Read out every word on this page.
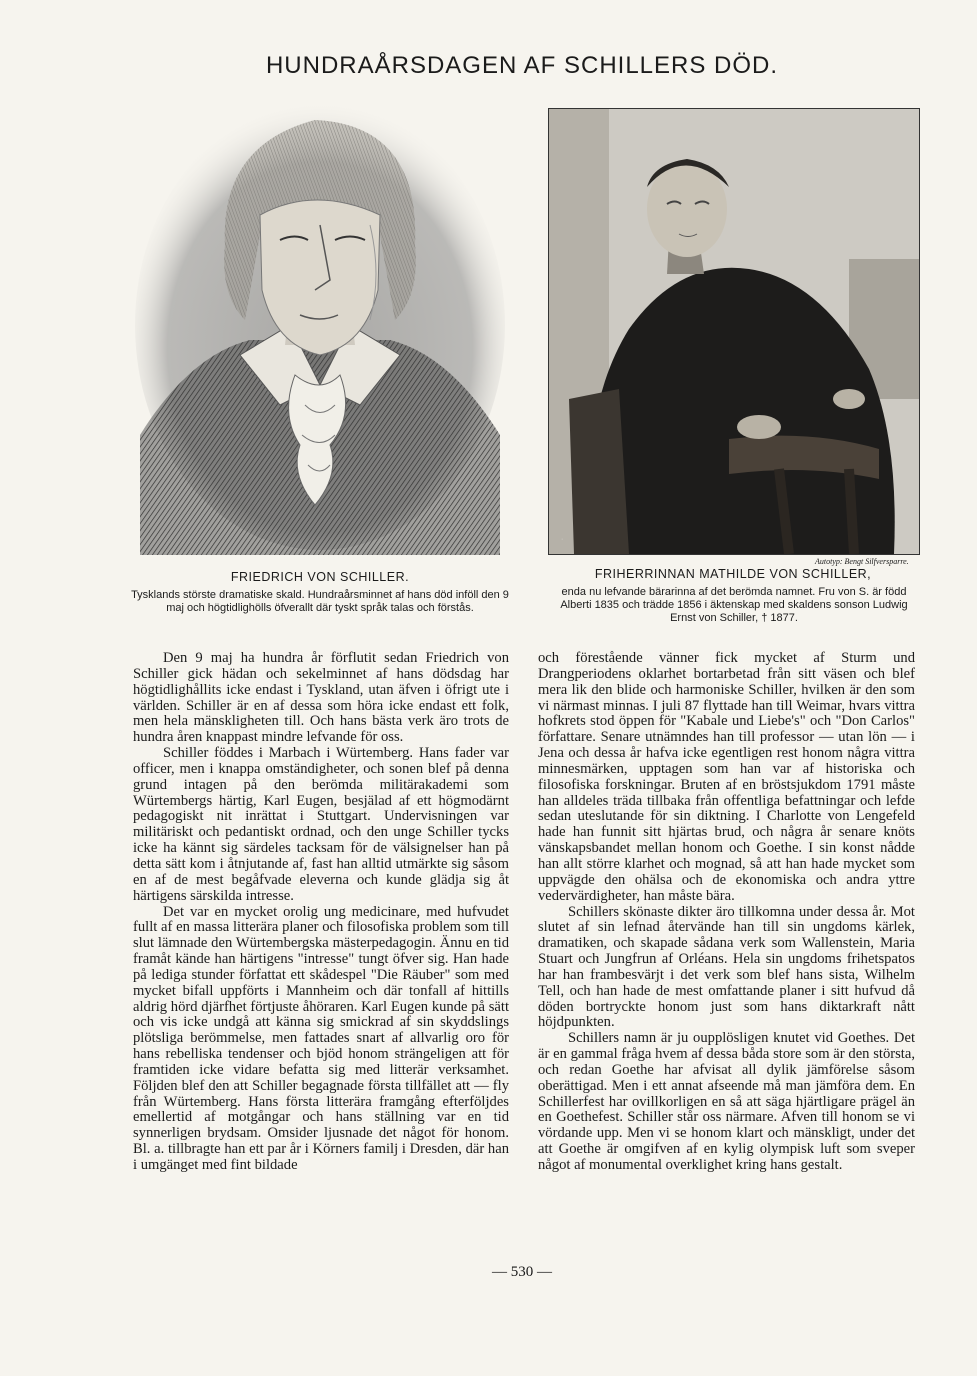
HUNDRAÅRSDAGEN AF SCHILLERS DÖD.
·
Autotyp: Bengt Silfversparre.
FRIEDRICH VON SCHILLER.
Tysklands störste dramatiske skald. Hundraårsminnet af hans död inföll den 9 maj och högtidlighölls öfverallt där tyskt språk talas och förstås.
FRIHERRINNAN MATHILDE VON SCHILLER,
enda nu lefvande bärarinna af det berömda namnet. Fru von S. är född Alberti 1835 och trädde 1856 i äktenskap med skaldens sonson Ludwig Ernst von Schiller, † 1877.

Den 9 maj ha hundra år förflutit sedan Friedrich von Schiller gick hädan och sekelminnet af hans dödsdag har högtidlighållits icke endast i Tyskland, utan äfven i öfrigt ute i världen. Schiller är en af dessa som höra icke endast ett folk, men hela mänskligheten till. Och hans bästa verk äro trots de hundra åren knappast mindre lefvande för oss.

Schiller föddes i Marbach i Würtemberg. Hans fader var officer, men i knappa omständigheter, och sonen blef på denna grund intagen på den berömda militärakademi som Würtembergs härtig, Karl Eugen, besjälad af ett högmodärnt pedagogiskt nit inrättat i Stuttgart. Undervisningen var militäriskt och pedantiskt ordnad, och den unge Schiller tycks icke ha kännt sig särdeles tacksam för de välsignelser han på detta sätt kom i åtnjutande af, fast han alltid utmärkte sig såsom en af de mest begåfvade eleverna och kunde glädja sig åt härtigens särskilda intresse.

Det var en mycket orolig ung medicinare, med hufvudet fullt af en massa litterära planer och filosofiska problem som till slut lämnade den Würtembergska mästerpedagogin. Ännu en tid framåt kände han härtigens "intresse" tungt öfver sig. Han hade på lediga stunder författat ett skådespel "Die Räuber" som med mycket bifall uppförts i Mannheim och där tonfall af hittills aldrig hörd djärfhet förtjuste åhöraren. Karl Eugen kunde på sätt och vis icke undgå att känna sig smickrad af sin skyddslings plötsliga berömmelse, men fattades snart af allvarlig oro för hans rebelliska tendenser och bjöd honom strängeligen att för framtiden icke vidare befatta sig med litterär verksamhet. Följden blef den att Schiller begagnade första tillfället att — fly från Würtemberg. Hans första litterära framgång efterföljdes emellertid af motgångar och hans ställning var en tid synnerligen brydsam. Omsider ljusnade det något för honom. Bl. a. tillbragte han ett par år i Körners familj i Dresden, där han i umgänget med fint bildade

och förestående vänner fick mycket af Sturm und Drangperiodens oklarhet bortarbetad från sitt väsen och blef mera lik den blide och harmoniske Schiller, hvilken är den som vi närmast minnas. I juli 87 flyttade han till Weimar, hvars vittra hofkrets stod öppen för "Kabale und Liebe's" och "Don Carlos" författare. Senare utnämndes han till professor — utan lön — i Jena och dessa år hafva icke egentligen rest honom några vittra minnesmärken, upptagen som han var af historiska och filosofiska forskningar. Bruten af en bröstsjukdom 1791 måste han alldeles träda tillbaka från offentliga befattningar och lefde sedan uteslutande för sin diktning. I Charlotte von Lengefeld hade han funnit sitt hjärtas brud, och några år senare knöts vänskapsbandet mellan honom och Goethe. I sin konst nådde han allt större klarhet och mognad, så att han hade mycket som uppvägde den ohälsa och de ekonomiska och andra yttre vedervärdigheter, han måste bära.

Schillers skönaste dikter äro tillkomna under dessa år. Mot slutet af sin lefnad återvände han till sin ungdoms kärlek, dramatiken, och skapade sådana verk som Wallenstein, Maria Stuart och Jungfrun af Orléans. Hela sin ungdoms frihetspatos har han frambesvärjt i det verk som blef hans sista, Wilhelm Tell, och han hade de mest omfattande planer i sitt hufvud då döden bortryckte honom just som hans diktarkraft nått höjdpunkten.

Schillers namn är ju oupplösligen knutet vid Goethes. Det är en gammal fråga hvem af dessa båda store som är den största, och redan Goethe har afvisat all dylik jämförelse såsom oberättigad. Men i ett annat afseende må man jämföra dem. En Schillerfest har ovillkorligen en så att säga hjärtligare prägel än en Goethefest. Schiller står oss närmare. Afven till honom se vi vördande upp. Men vi se honom klart och mänskligt, under det att Goethe är omgifven af en kylig olympisk luft som sveper något af monumental overklighet kring hans gestalt.

— 530 —
